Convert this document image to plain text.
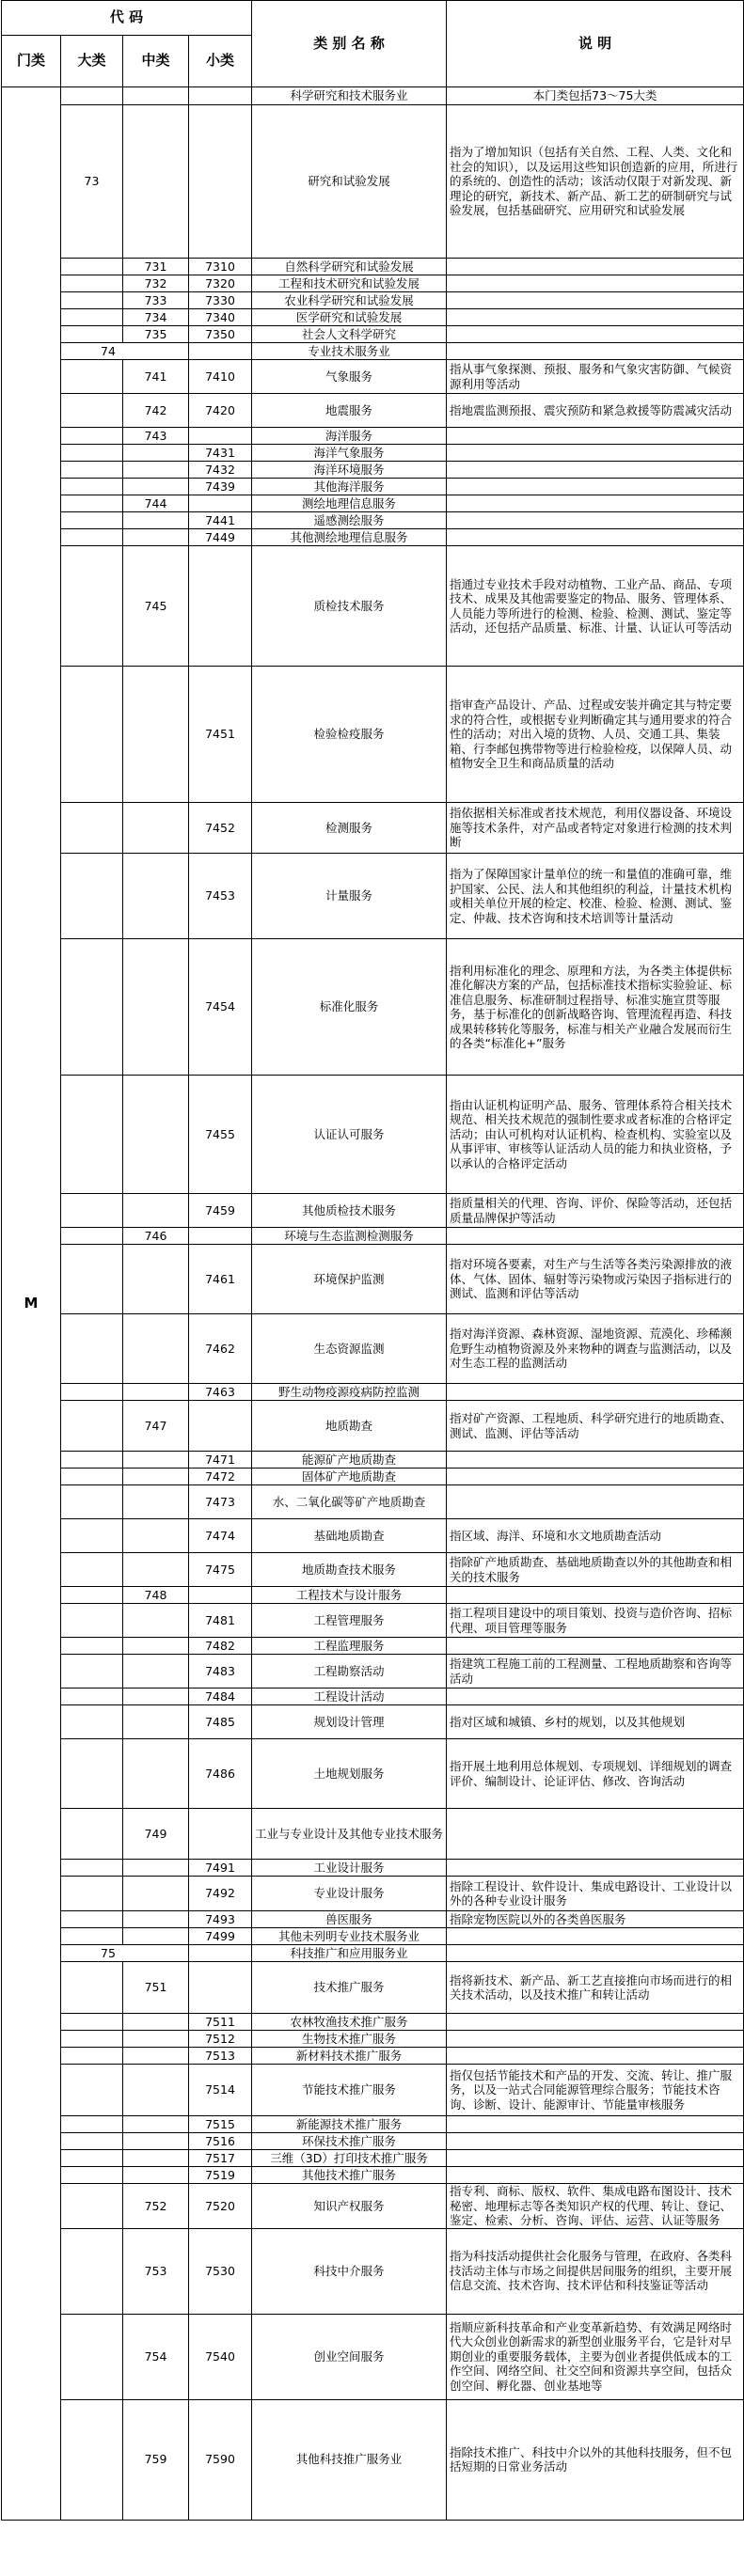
代 码				类 别 名 称	说 明
门类	大类	中类	小类		
M				科学研究和技术服务业	本门类包括73～75大类
	73			研究和试验发展	指为了增加知识（包括有关自然、工程、人类、文化和社会的知识），以及运用这些知识创造新的应用，所进行的系统的、创造性的活动；该活动仅限于对新发现、新理论的研究，新技术、新产品、新工艺的研制研究与试验发展，包括基础研究、应用研究和试验发展
		731	7310	自然科学研究和试验发展	
		732	7320	工程和技术研究和试验发展	
		733	7330	农业科学研究和试验发展	
		734	7340	医学研究和试验发展	
		735	7350	社会人文科学研究	
	74			专业技术服务业	
		741	7410	气象服务	指从事气象探测、预报、服务和气象灾害防御、气候资源利用等活动
		742	7420	地震服务	指地震监测预报、震灾预防和紧急救援等防震减灾活动
		743		海洋服务	
			7431	海洋气象服务	
			7432	海洋环境服务	
			7439	其他海洋服务	
		744		测绘地理信息服务	
			7441	遥感测绘服务	
			7449	其他测绘地理信息服务	
		745		质检技术服务	指通过专业技术手段对动植物、工业产品、商品、专项技术、成果及其他需要鉴定的物品、服务、管理体系、人员能力等所进行的检测、检验、检测、测试、鉴定等活动，还包括产品质量、标准、计量、认证认可等活动
			7451	检验检疫服务	指审查产品设计、产品、过程或安装并确定其与特定要求的符合性，或根据专业判断确定其与通用要求的符合性的活动；对出入境的货物、人员、交通工具、集装箱、行李邮包携带物等进行检验检疫，以保障人员、动植物安全卫生和商品质量的活动
			7452	检测服务	指依据相关标准或者技术规范，利用仪器设备、环境设施等技术条件，对产品或者特定对象进行检测的技术判断
			7453	计量服务	指为了保障国家计量单位的统一和量值的准确可靠，维护国家、公民、法人和其他组织的利益，计量技术机构或相关单位开展的检定、校准、检验、检测、测试、鉴定、仲裁、技术咨询和技术培训等计量活动
			7454	标准化服务	指利用标准化的理念、原理和方法，为各类主体提供标准化解决方案的产品，包括标准技术指标实验验证、标准信息服务、标准研制过程指导、标准实施宣贯等服务，基于标准化的创新战略咨询、管理流程再造、科技成果转移转化等服务，标准与相关产业融合发展而衍生的各类“标准化+”服务
			7455	认证认可服务	指由认证机构证明产品、服务、管理体系符合相关技术规范、相关技术规范的强制性要求或者标准的合格评定活动；由认可机构对认证机构、检查机构、实验室以及从事评审、审核等认证活动人员的能力和执业资格，予以承认的合格评定活动
			7459	其他质检技术服务	指质量相关的代理、咨询、评价、保险等活动，还包括质量品牌保护等活动
		746		环境与生态监测检测服务	
			7461	环境保护监测	指对环境各要素，对生产与生活等各类污染源排放的液体、气体、固体、辐射等污染物或污染因子指标进行的测试、监测和评估等活动
			7462	生态资源监测	指对海洋资源、森林资源、湿地资源、荒漠化、珍稀濒危野生动植物资源及外来物种的调查与监测活动，以及对生态工程的监测活动
			7463	野生动物疫源疫病防控监测	
		747		地质勘查	指对矿产资源、工程地质、科学研究进行的地质勘查、测试、监测、评估等活动
			7471	能源矿产地质勘查	
			7472	固体矿产地质勘查	
			7473	水、二氧化碳等矿产地质勘查	
			7474	基础地质勘查	指区域、海洋、环境和水文地质勘查活动
			7475	地质勘查技术服务	指除矿产地质勘查、基础地质勘查以外的其他勘查和相关的技术服务
		748		工程技术与设计服务	
			7481	工程管理服务	指工程项目建设中的项目策划、投资与造价咨询、招标代理、项目管理等服务
			7482	工程监理服务	
			7483	工程勘察活动	指建筑工程施工前的工程测量、工程地质勘察和咨询等活动
			7484	工程设计活动	
			7485	规划设计管理	指对区域和城镇、乡村的规划，以及其他规划
			7486	土地规划服务	指开展土地利用总体规划、专项规划、详细规划的调查评价、编制设计、论证评估、修改、咨询活动
		749		工业与专业设计及其他专业技术服务	
			7491	工业设计服务	
			7492	专业设计服务	指除工程设计、软件设计、集成电路设计、工业设计以外的各种专业设计服务
			7493	兽医服务	指除宠物医院以外的各类兽医服务
			7499	其他未列明专业技术服务业	
	75			科技推广和应用服务业	
		751		技术推广服务	指将新技术、新产品、新工艺直接推向市场而进行的相关技术活动，以及技术推广和转让活动
			7511	农林牧渔技术推广服务	
			7512	生物技术推广服务	
			7513	新材料技术推广服务	
			7514	节能技术推广服务	指仅包括节能技术和产品的开发、交流、转让、推广服务，以及一站式合同能源管理综合服务；节能技术咨询、诊断、设计、能源审计、节能量审核服务
			7515	新能源技术推广服务	
			7516	环保技术推广服务	
			7517	三维（3D）打印技术推广服务	
			7519	其他技术推广服务	
		752	7520	知识产权服务	指专利、商标、版权、软件、集成电路布图设计、技术秘密、地理标志等各类知识产权的代理、转让、登记、鉴定、检索、分析、咨询、评估、运营、认证等服务
		753	7530	科技中介服务	指为科技活动提供社会化服务与管理，在政府、各类科技活动主体与市场之间提供居间服务的组织，主要开展信息交流、技术咨询、技术评估和科技鉴证等活动
		754	7540	创业空间服务	指顺应新科技革命和产业变革新趋势、有效满足网络时代大众创业创新需求的新型创业服务平台，它是针对早期创业的重要服务载体，主要为创业者提供低成本的工作空间、网络空间、社交空间和资源共享空间，包括众创空间、孵化器、创业基地等
		759	7590	其他科技推广服务业	指除技术推广、科技中介以外的其他科技服务，但不包括短期的日常业务活动
